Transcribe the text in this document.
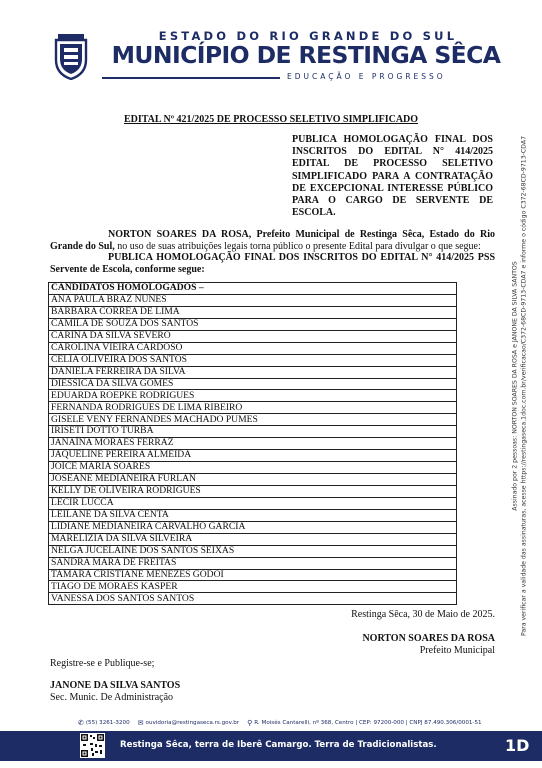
ESTADO DO RIO GRANDE DO SUL
MUNICÍPIO DE RESTINGA SÊCA
EDUCAÇÃO E PROGRESSO
EDITAL Nº 421/2025 DE PROCESSO SELETIVO SIMPLIFICADO
PUBLICA HOMOLOGAÇÃO FINAL DOS INSCRITOS DO EDITAL N° 414/2025 EDITAL DE PROCESSO SELETIVO SIMPLIFICADO PARA A CONTRATAÇÃO DE EXCEPCIONAL INTERESSE PÚBLICO PARA O CARGO DE SERVENTE DE ESCOLA.
NORTON SOARES DA ROSA, Prefeito Municipal de Restinga Sêca, Estado do Rio Grande do Sul, no uso de suas atribuições legais torna público o presente Edital para divulgar o que segue:
PUBLICA HOMOLOGAÇÃO FINAL DOS INSCRITOS DO EDITAL N° 414/2025 PSS Servente de Escola, conforme segue:
CANDIDATOS HOMOLOGADOS –
ANA PAULA BRAZ NUNES
BARBARA CORREA DE LIMA
CAMILA DE SOUZA DOS SANTOS
CARINA DA SILVA SEVERO
CAROLINA VIEIRA CARDOSO
CELIA OLIVEIRA DOS SANTOS
DANIELA FERREIRA DA SILVA
DIESSICA DA SILVA GOMES
EDUARDA ROEPKE RODRIGUES
FERNANDA RODRIGUES DE LIMA RIBEIRO
GISELE VENY FERNANDES MACHADO PUMES
IRISETI DOTTO TURBA
JANAÍNA MORAES FERRAZ
JAQUELINE PEREIRA ALMEIDA
JOICE MARIA SOARES
JOSEANE MEDIANEIRA FURLAN
KELLY DE OLIVEIRA RODRIGUES
LECIR LUCCA
LEILANE DA SILVA CENTA
LIDIANE MEDIANEIRA CARVALHO GARCIA
MARELIZIA DA SILVA SILVEIRA
NELGA JUCELAINE DOS SANTOS SEIXAS
SANDRA MARA DE FREITAS
TAMARA CRISTIANE MENEZES GODOI
TIAGO DE MORAES KASPER
VANESSA DOS SANTOS SANTOS
Restinga Sêca, 30 de Maio de 2025.
NORTON SOARES DA ROSA
Prefeito Municipal
Registre-se e Publique-se;
JANONE DA SILVA SANTOS
Sec. Munic. De Administração
Assinado por 2 pessoas: NORTON SOARES DA ROSA e JANONE DA SILVA SANTOS Para verificar a validade das assinaturas, acesse https://restingaseca.1doc.com.br/verificacao/C372-68CD-9713-CDA7 e informe o código C372-68CD-9713-CDA7
✆ (55) 3261-3200 ✉ ouvidoria@restingaseca.rs.gov.br ⚲ R. Moisés Cantarelli, nº 368, Centro | CEP: 97200-000 | CNPJ 87.490.306/0001-51
Restinga Sêca, terra de Iberê Camargo. Terra de Tradicionalistas.	1D
